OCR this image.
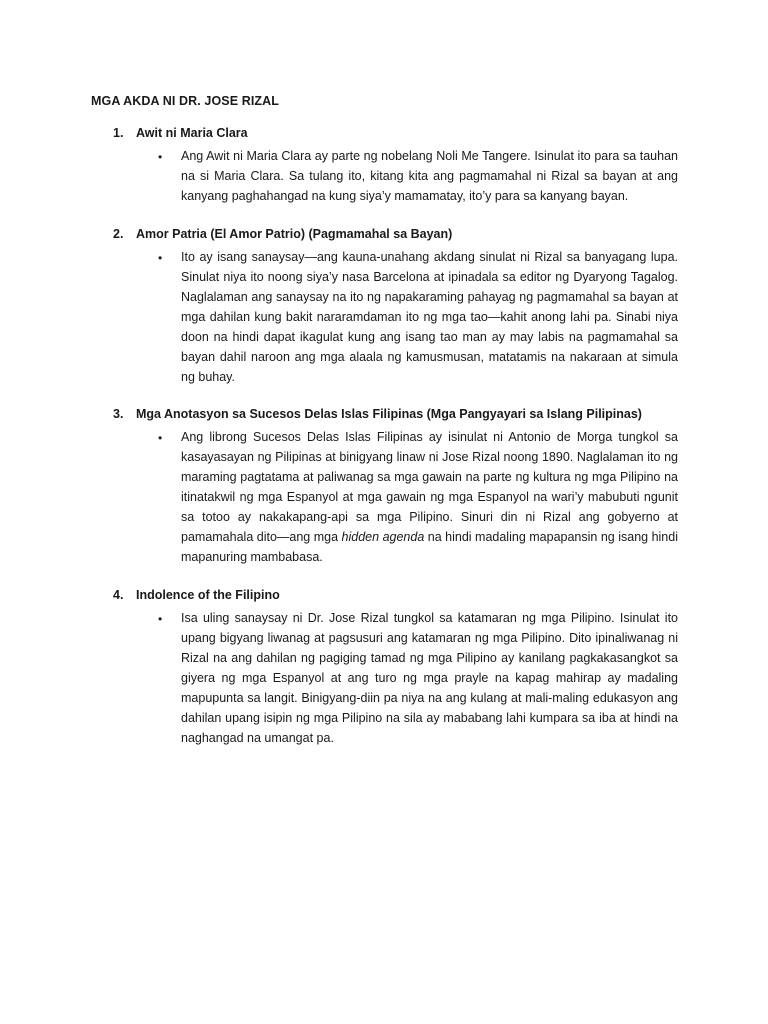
MGA AKDA NI DR. JOSE RIZAL
1. Awit ni Maria Clara
• Ang Awit ni Maria Clara ay parte ng nobelang Noli Me Tangere. Isinulat ito para sa tauhan na si Maria Clara. Sa tulang ito, kitang kita ang pagmamahal ni Rizal sa bayan at ang kanyang paghahangad na kung siya’y mamamatay, ito’y para sa kanyang bayan.

2. Amor Patria (El Amor Patrio) (Pagmamahal sa Bayan)
• Ito ay isang sanaysay—ang kauna-unahang akdang sinulat ni Rizal sa banyagang lupa. Sinulat niya ito noong siya’y nasa Barcelona at ipinadala sa editor ng Dyaryong Tagalog. Naglalaman ang sanaysay na ito ng napakaraming pahayag ng pagmamahal sa bayan at mga dahilan kung bakit nararamdaman ito ng mga tao—kahit anong lahi pa. Sinabi niya doon na hindi dapat ikagulat kung ang isang tao man ay may labis na pagmamahal sa bayan dahil naroon ang mga alaala ng kamusmusan, matatamis na nakaraan at simula ng buhay.

3. Mga Anotasyon sa Sucesos Delas Islas Filipinas (Mga Pangyayari sa Islang Pilipinas)
• Ang librong Sucesos Delas Islas Filipinas ay isinulat ni Antonio de Morga tungkol sa kasayasayan ng Pilipinas at binigyang linaw ni Jose Rizal noong 1890. Naglalaman ito ng maraming pagtatama at paliwanag sa mga gawain na parte ng kultura ng mga Pilipino na itinatakwil ng mga Espanyol at mga gawain ng mga Espanyol na wari’y mabubuti ngunit sa totoo ay nakakapang-api sa mga Pilipino. Sinuri din ni Rizal ang gobyerno at pamamahala dito—ang mga hidden agenda na hindi madaling mapapansin ng isang hindi mapanuring mambabasa.

4. Indolence of the Filipino
• Isa uling sanaysay ni Dr. Jose Rizal tungkol sa katamaran ng mga Pilipino. Isinulat ito upang bigyang liwanag at pagsusuri ang katamaran ng mga Pilipino. Dito ipinaliwanag ni Rizal na ang dahilan ng pagiging tamad ng mga Pilipino ay kanilang pagkakasangkot sa giyera ng mga Espanyol at ang turo ng mga prayle na kapag mahirap ay madaling mapupunta sa langit. Binigyang-diin pa niya na ang kulang at mali-maling edukasyon ang dahilan upang isipin ng mga Pilipino na sila ay mababang lahi kumpara sa iba at hindi na naghangad na umangat pa.
